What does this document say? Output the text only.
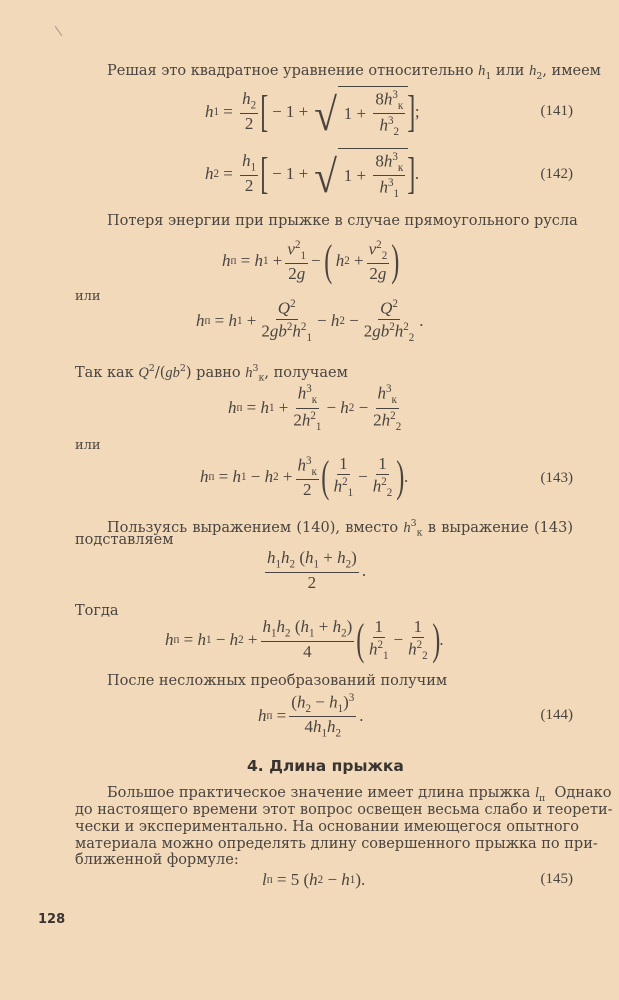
Решая это квадратное уравнение относительно $h_1$ или $h_2$, имеем
h $1 = \frac{h_2}{2}$ [ − 1 + √ $1 + \frac{8h^3_к}{h^3_2}$ ] ;	(141)
h $2 = \frac{h_1}{2}$ [ − 1 + √ $1 + \frac{8h^3_к}{h^3_1}$ ] .	(142)
Потеря энергии при прыжке в случае прямоугольного русла
h п = h $1 + \frac{v^2_1}{2g}$ − (
h $2 + \frac{v^2_2}{2g}$ )
или
h п = h $1 + \frac{Q^2}{2gb^2h^2_1} - h$ $2 - \frac{Q^2}{2gb^2h^2_2}$ .
Так как $Q^2/(gb^2)$ равно $h^3_к$, получаем
h п = h $1 + \frac{h^3_к}{2h^2_1} - h$ $2 - \frac{h^3_к}{2h^2_2}$
или
h п = h 1 − h $2 + \frac{h^3_к}{2}$ ( $\frac{1}{h^2_1} - \frac{1}{h^2_2}$ ) .	(143)
Пользуясь выражением (140), вместо $h^3_к$ в выражение (143)
подставляем
$\frac{h_1h_2 (h_1 + h_2)}{2}$ .
Тогда
h п = h 1 − h $2 + \frac{h_1h_2 (h_1 + h_2)}{4}$ ( $\frac{1}{h^2_1} - \frac{1}{h^2_2}$ ) .
После несложных преобразований получим
h $п = \frac{(h_2 - h_1)^3}{4h_1h_2}$ .	(144)
4. Длина прыжка
Большое практическое значение имеет длина прыжка $l_п$  Однако
до настоящего времени этот вопрос освещен весьма слабо и теорети-
чески и экспериментально. На основании имеющегося опытного
материала можно определять длину совершенного прыжка по при-
ближенной формуле:
l п = 5 ( h 2 − h 1 ).	(145)
128
